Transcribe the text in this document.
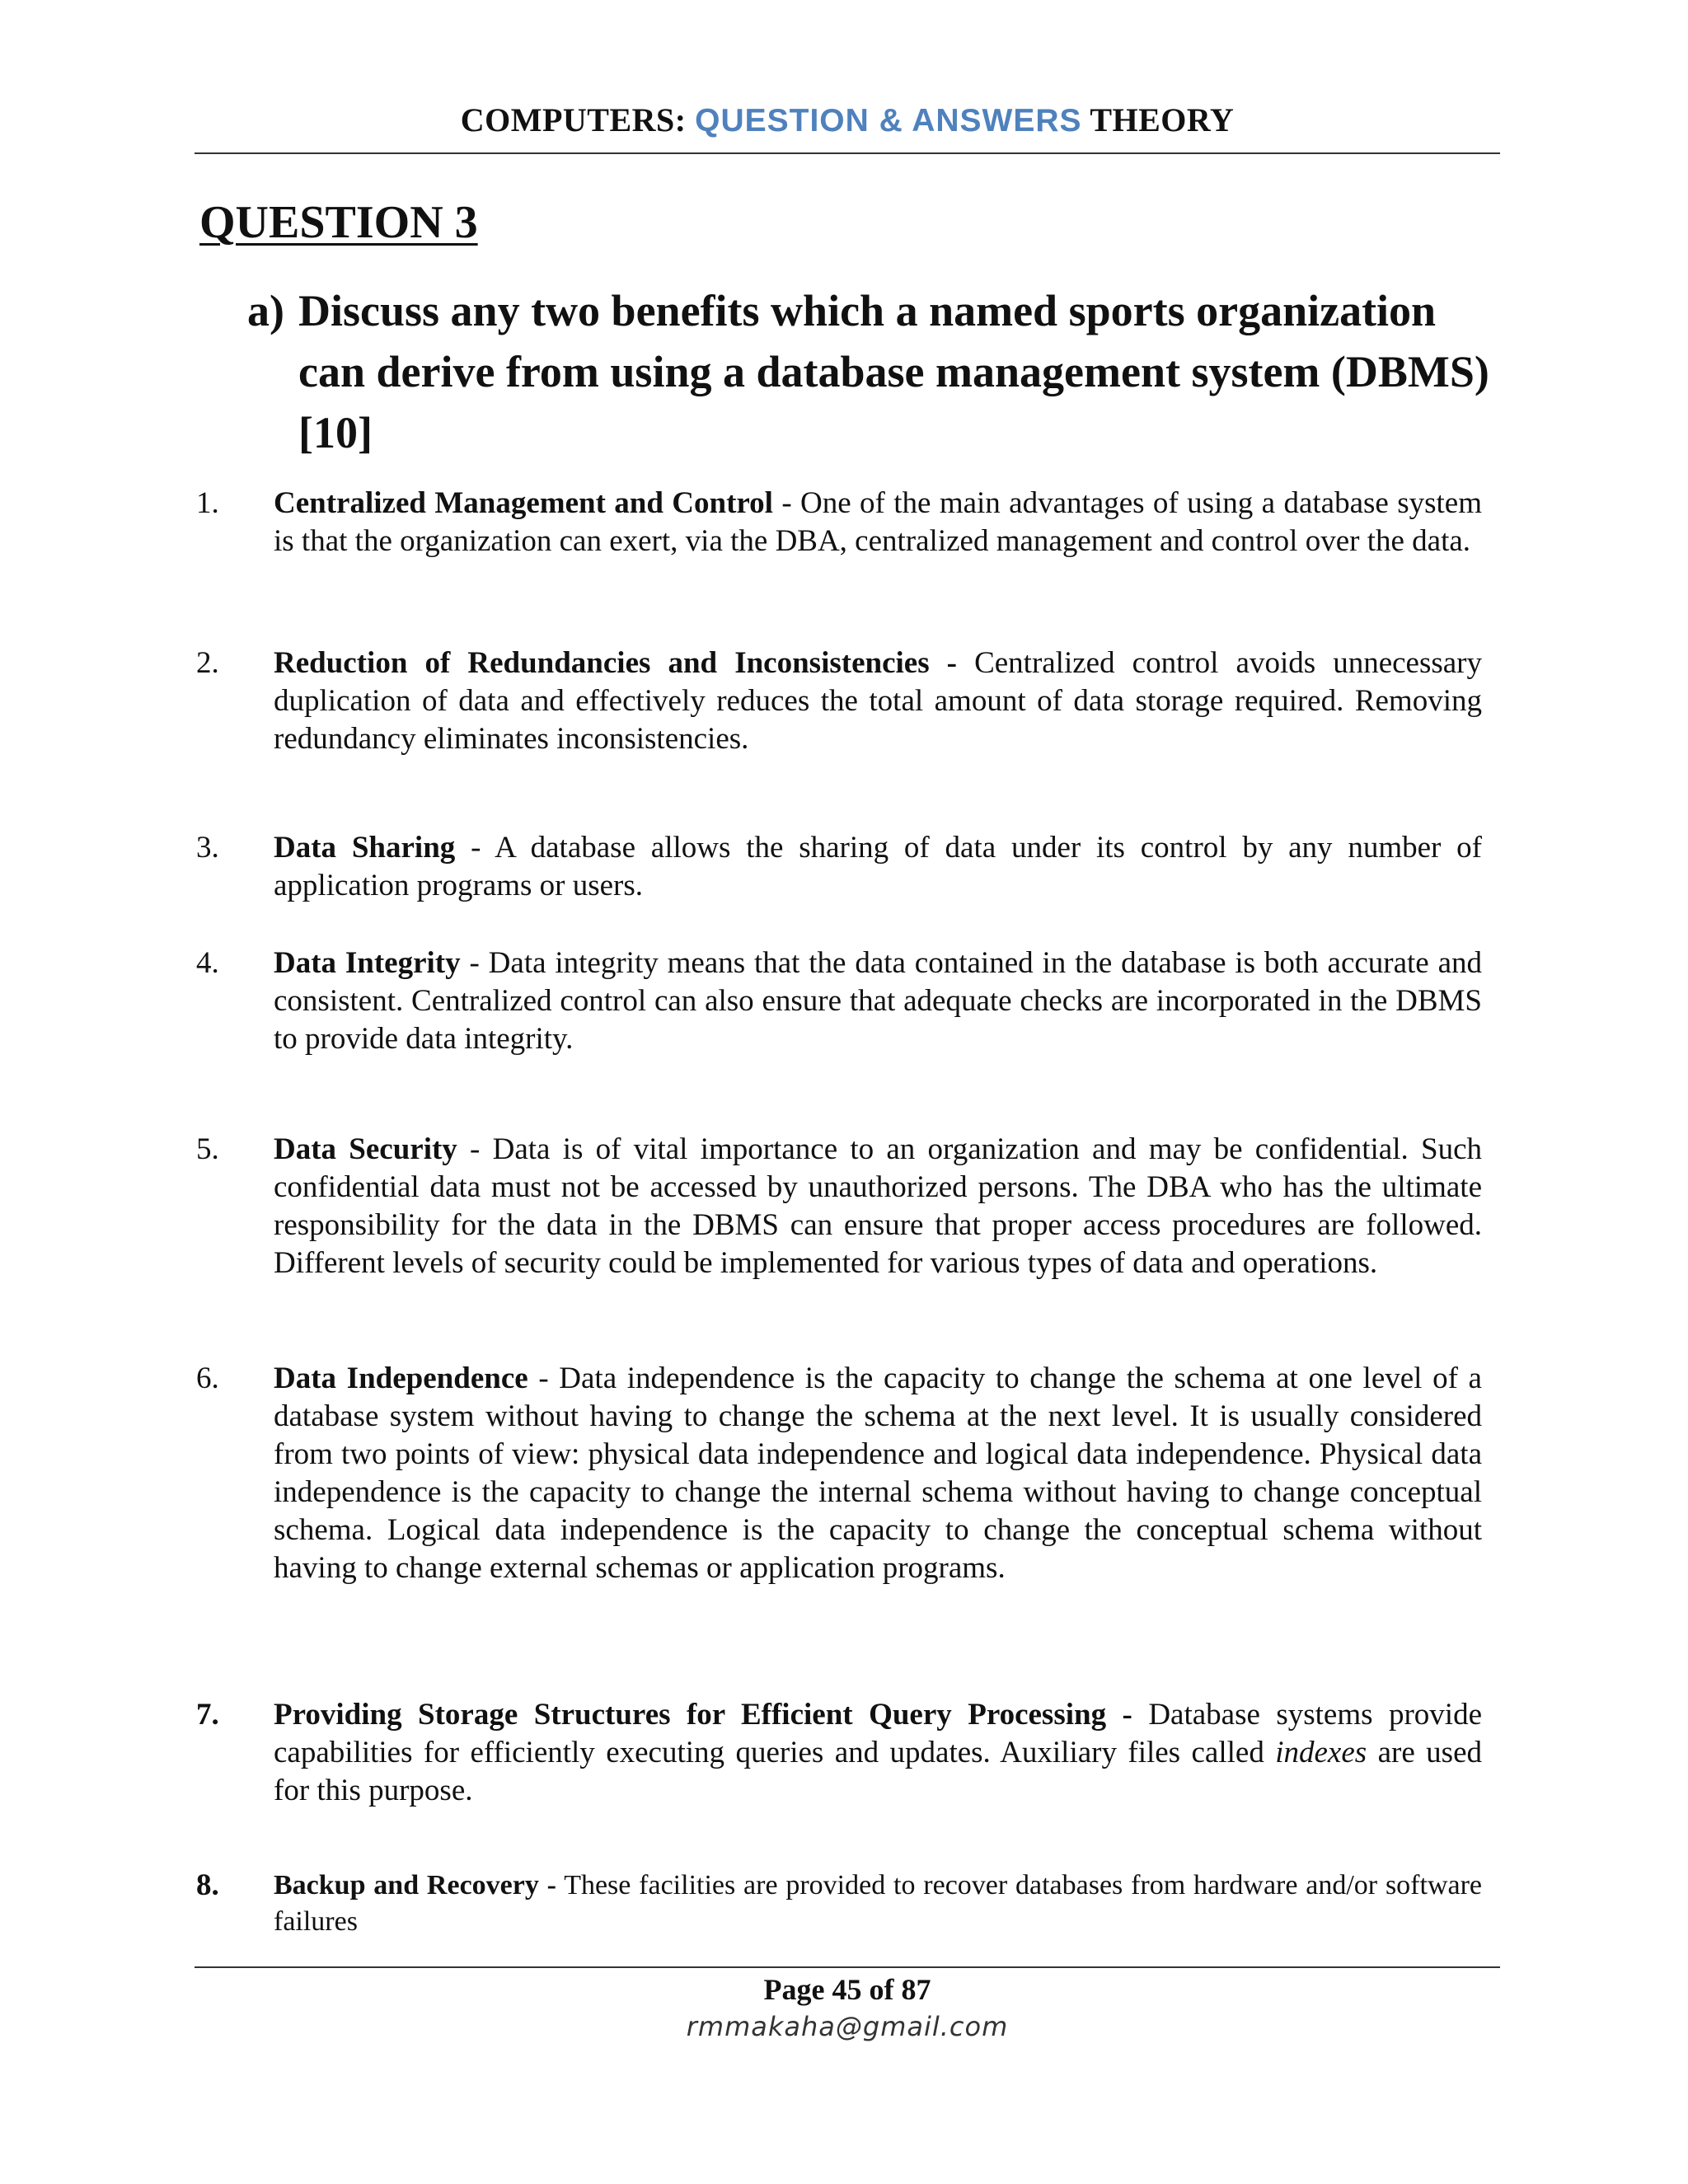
COMPUTERS: QUESTION & ANSWERS THEORY
QUESTION 3
a) Discuss any two benefits which a named sports organization can derive from using a database management system (DBMS) [10]
1. Centralized Management and Control - One of the main advantages of using a database system is that the organization can exert, via the DBA, centralized management and control over the data.
2. Reduction of Redundancies and Inconsistencies - Centralized control avoids unnecessary duplication of data and effectively reduces the total amount of data storage required. Removing redundancy eliminates inconsistencies.
3. Data Sharing - A database allows the sharing of data under its control by any number of application programs or users.
4. Data Integrity - Data integrity means that the data contained in the database is both accurate and consistent. Centralized control can also ensure that adequate checks are incorporated in the DBMS to provide data integrity.
5. Data Security - Data is of vital importance to an organization and may be confidential. Such confidential data must not be accessed by unauthorized persons. The DBA who has the ultimate responsibility for the data in the DBMS can ensure that proper access procedures are followed. Different levels of security could be implemented for various types of data and operations.
6. Data Independence - Data independence is the capacity to change the schema at one level of a database system without having to change the schema at the next level. It is usually considered from two points of view: physical data independence and logical data independence. Physical data independence is the capacity to change the internal schema without having to change conceptual schema. Logical data independence is the capacity to change the conceptual schema without having to change external schemas or application programs.
7. Providing Storage Structures for Efficient Query Processing - Database systems provide capabilities for efficiently executing queries and updates. Auxiliary files called indexes are used for this purpose.
8. Backup and Recovery - These facilities are provided to recover databases from hardware and/or software failures
Page 45 of 87
rmmakaha@gmail.com
